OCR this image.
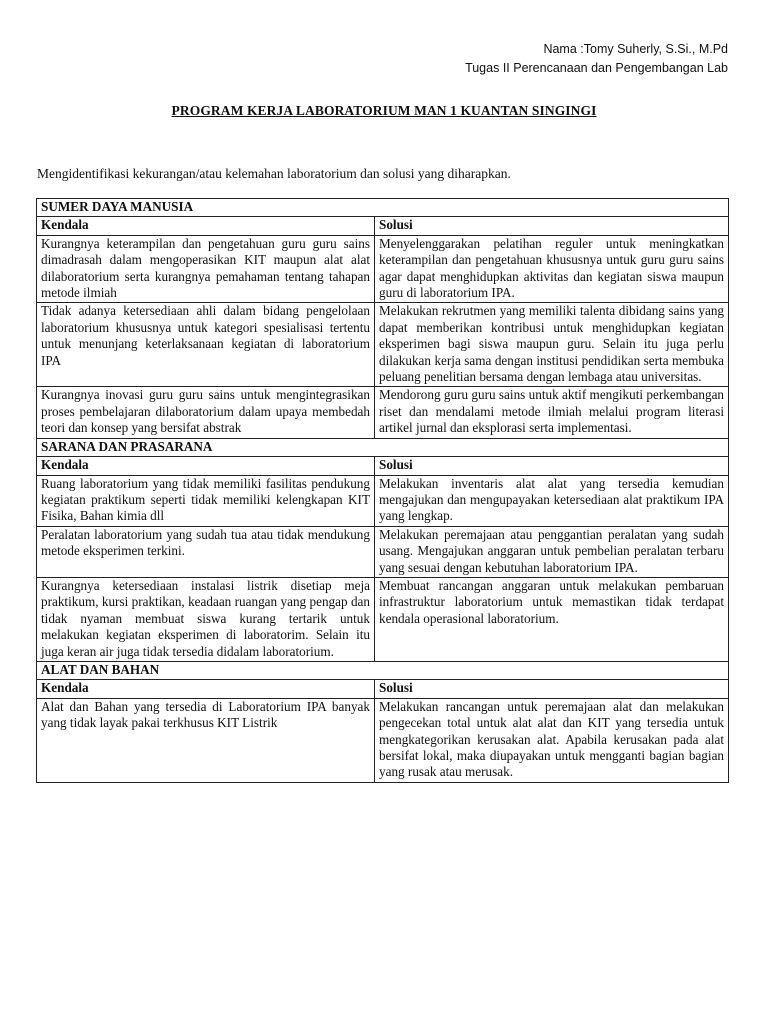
Nama :Tomy Suherly, S.Si., M.Pd
Tugas II Perencanaan dan Pengembangan Lab
PROGRAM KERJA LABORATORIUM MAN 1 KUANTAN SINGINGI
Mengidentifikasi kekurangan/atau kelemahan laboratorium dan solusi yang diharapkan.
SUMER DAYA MANUSIA	
Kendala	Solusi
Kurangnya keterampilan dan pengetahuan guru guru sains dimadrasah dalam mengoperasikan KIT maupun alat alat dilaboratorium serta kurangnya pemahaman tentang tahapan metode ilmiah	Menyelenggarakan pelatihan reguler untuk meningkatkan keterampilan dan pengetahuan khususnya untuk guru guru sains agar dapat menghidupkan aktivitas dan kegiatan siswa maupun guru di laboratorium IPA.
Tidak adanya ketersediaan ahli dalam bidang pengelolaan laboratorium khususnya untuk kategori spesialisasi tertentu untuk menunjang keterlaksanaan kegiatan di laboratorium IPA	Melakukan rekrutmen yang memiliki talenta dibidang sains yang dapat memberikan kontribusi untuk menghidupkan kegiatan eksperimen bagi siswa maupun guru. Selain itu juga perlu dilakukan kerja sama dengan institusi pendidikan serta membuka peluang penelitian bersama dengan lembaga atau universitas.
Kurangnya inovasi guru guru sains untuk mengintegrasikan proses pembelajaran dilaboratorium dalam upaya membedah teori dan konsep yang bersifat abstrak	Mendorong guru guru sains untuk aktif mengikuti perkembangan riset dan mendalami metode ilmiah melalui program literasi artikel jurnal dan eksplorasi serta implementasi.
SARANA DAN PRASARANA	
Kendala	Solusi
Ruang laboratorium yang tidak memiliki fasilitas pendukung kegiatan praktikum seperti tidak memiliki kelengkapan KIT Fisika, Bahan kimia dll	Melakukan inventaris alat alat yang tersedia kemudian mengajukan dan mengupayakan ketersediaan alat praktikum IPA yang lengkap.
Peralatan laboratorium yang sudah tua atau tidak mendukung metode eksperimen terkini.	Melakukan peremajaan atau penggantian peralatan yang sudah usang. Mengajukan anggaran untuk pembelian peralatan terbaru yang sesuai dengan kebutuhan laboratorium IPA.
Kurangnya ketersediaan instalasi listrik disetiap meja praktikum, kursi praktikan, keadaan ruangan yang pengap dan tidak nyaman membuat siswa kurang tertarik untuk melakukan kegiatan eksperimen di laboratorim. Selain itu juga keran air juga tidak tersedia didalam laboratorium.	Membuat rancangan anggaran untuk melakukan pembaruan infrastruktur laboratorium untuk memastikan tidak terdapat kendala operasional laboratorium.
ALAT DAN BAHAN	
Kendala	Solusi
Alat dan Bahan yang tersedia di Laboratorium IPA banyak yang tidak layak pakai terkhusus KIT Listrik	Melakukan rancangan untuk peremajaan alat dan melakukan pengecekan total untuk alat alat dan KIT yang tersedia untuk mengkategorikan kerusakan alat. Apabila kerusakan pada alat bersifat lokal, maka diupayakan untuk mengganti bagian bagian yang rusak atau merusak.
